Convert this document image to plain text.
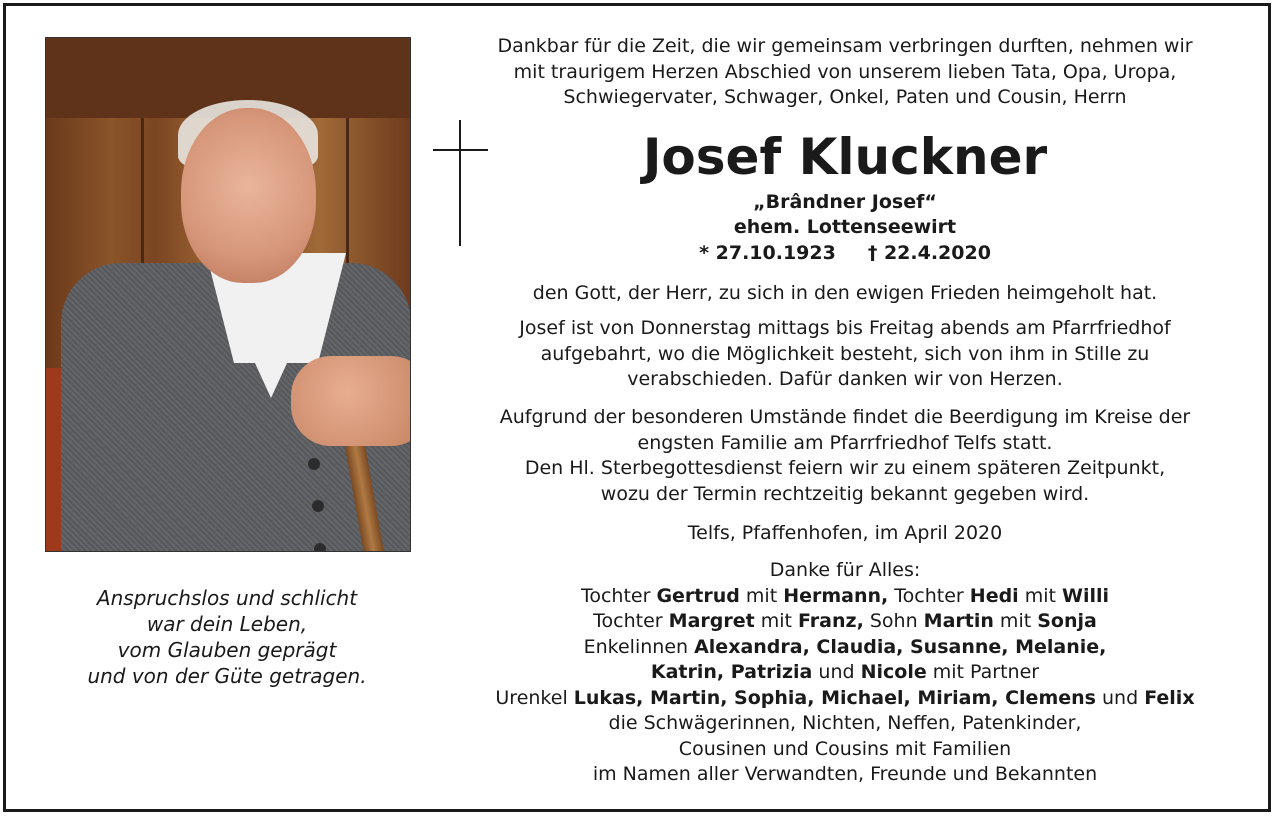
Anspruchslos und schlicht
war dein Leben,
vom Glauben geprägt
und von der Güte getragen.
Dankbar für die Zeit, die wir gemeinsam verbringen durften, nehmen wir
mit traurigem Herzen Abschied von unserem lieben Tata, Opa, Uropa,
Schwiegervater, Schwager, Onkel, Paten und Cousin, Herrn
Josef Kluckner
„Brândner Josef“
ehem. Lottenseewirt
* 27.10.1923 † 22.4.2020
den Gott, der Herr, zu sich in den ewigen Frieden heimgeholt hat.
Josef ist von Donnerstag mittags bis Freitag abends am Pfarrfriedhof
aufgebahrt, wo die Möglichkeit besteht, sich von ihm in Stille zu
verabschieden. Dafür danken wir von Herzen.
Aufgrund der besonderen Umstände findet die Beerdigung im Kreise der
engsten Familie am Pfarrfriedhof Telfs statt.
Den Hl. Sterbegottesdienst feiern wir zu einem späteren Zeitpunkt,
wozu der Termin rechtzeitig bekannt gegeben wird.
Telfs, Pfaffenhofen, im April 2020
Danke für Alles:
Tochter Gertrud mit Hermann, Tochter Hedi mit Willi
Tochter Margret mit Franz, Sohn Martin mit Sonja
Enkelinnen Alexandra, Claudia, Susanne, Melanie,
Katrin, Patrizia und Nicole mit Partner
Urenkel Lukas, Martin, Sophia, Michael, Miriam, Clemens und Felix
die Schwägerinnen, Nichten, Neffen, Patenkinder,
Cousinen und Cousins mit Familien
im Namen aller Verwandten, Freunde und Bekannten
